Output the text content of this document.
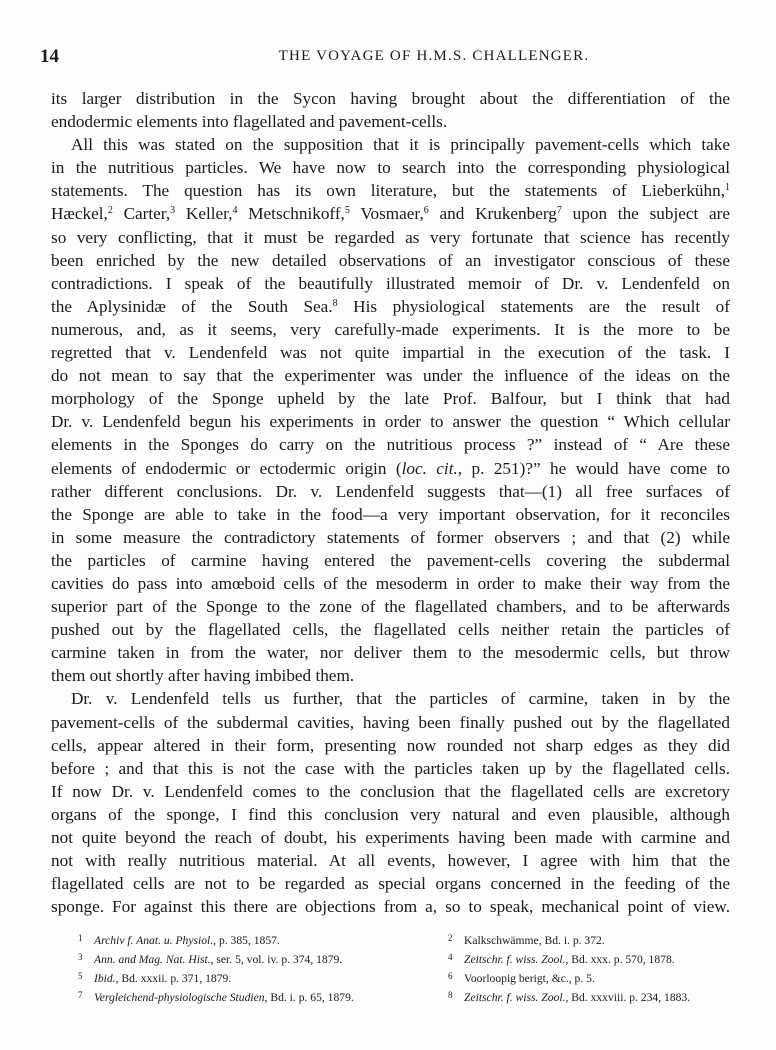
14	THE VOYAGE OF H.M.S. CHALLENGER.
its larger distribution in the Sycon having brought about the differentiation of the
endodermic elements into flagellated and pavement-cells.
All this was stated on the supposition that it is principally pavement-cells which take
in the nutritious particles. We have now to search into the corresponding physiological
statements. The question has its own literature, but the statements of Lieberkühn,$^1$
Hæckel,$^2$ Carter,$^3$ Keller,$^4$ Metschnikoff,$^5$ Vosmaer,$^6$ and Krukenberg$^7$ upon the subject are
so very conflicting, that it must be regarded as very fortunate that science has recently
been enriched by the new detailed observations of an investigator conscious of these
contradictions. I speak of the beautifully illustrated memoir of Dr. v. Lendenfeld on
the Aplysinidæ of the South Sea.$^8$ His physiological statements are the result of
numerous, and, as it seems, very carefully-made experiments. It is the more to be
regretted that v. Lendenfeld was not quite impartial in the execution of the task. I
do not mean to say that the experimenter was under the influence of the ideas on the
morphology of the Sponge upheld by the late Prof. Balfour, but I think that had
Dr. v. Lendenfeld begun his experiments in order to answer the question “ Which cellular
elements in the Sponges do carry on the nutritious process ?” instead of “ Are these
elements of endodermic or ectodermic origin (loc. cit., p. 251)?” he would have come to
rather different conclusions. Dr. v. Lendenfeld suggests that—(1) all free surfaces of
the Sponge are able to take in the food—a very important observation, for it reconciles
in some measure the contradictory statements of former observers ; and that (2) while
the particles of carmine having entered the pavement-cells covering the subdermal
cavities do pass into amœboid cells of the mesoderm in order to make their way from the
superior part of the Sponge to the zone of the flagellated chambers, and to be afterwards
pushed out by the flagellated cells, the flagellated cells neither retain the particles of
carmine taken in from the water, nor deliver them to the mesodermic cells, but throw
them out shortly after having imbibed them.
Dr. v. Lendenfeld tells us further, that the particles of carmine, taken in by the
pavement-cells of the subdermal cavities, having been finally pushed out by the flagellated
cells, appear altered in their form, presenting now rounded not sharp edges as they did
before ; and that this is not the case with the particles taken up by the flagellated cells.
If now Dr. v. Lendenfeld comes to the conclusion that the flagellated cells are excretory
organs of the sponge, I find this conclusion very natural and even plausible, although
not quite beyond the reach of doubt, his experiments having been made with carmine and
not with really nutritious material. At all events, however, I agree with him that the
flagellated cells are not to be regarded as special organs concerned in the feeding of the
sponge. For against this there are objections from a, so to speak, mechanical point of view.
1 Archiv f. Anat. u. Physiol., p. 385, 1857.
3 Ann. and Mag. Nat. Hist., ser. 5, vol. iv. p. 374, 1879.
5 Ibid., Bd. xxxii. p. 371, 1879.
7 Vergleichend-physiologische Studien, Bd. i. p. 65, 1879.
2 Kalkschwämme, Bd. i. p. 372.
4 Zeitschr. f. wiss. Zool., Bd. xxx. p. 570, 1878.
6 Voorloopig berigt, &c., p. 5.
8 Zeitschr. f. wiss. Zool., Bd. xxxviii. p. 234, 1883.
